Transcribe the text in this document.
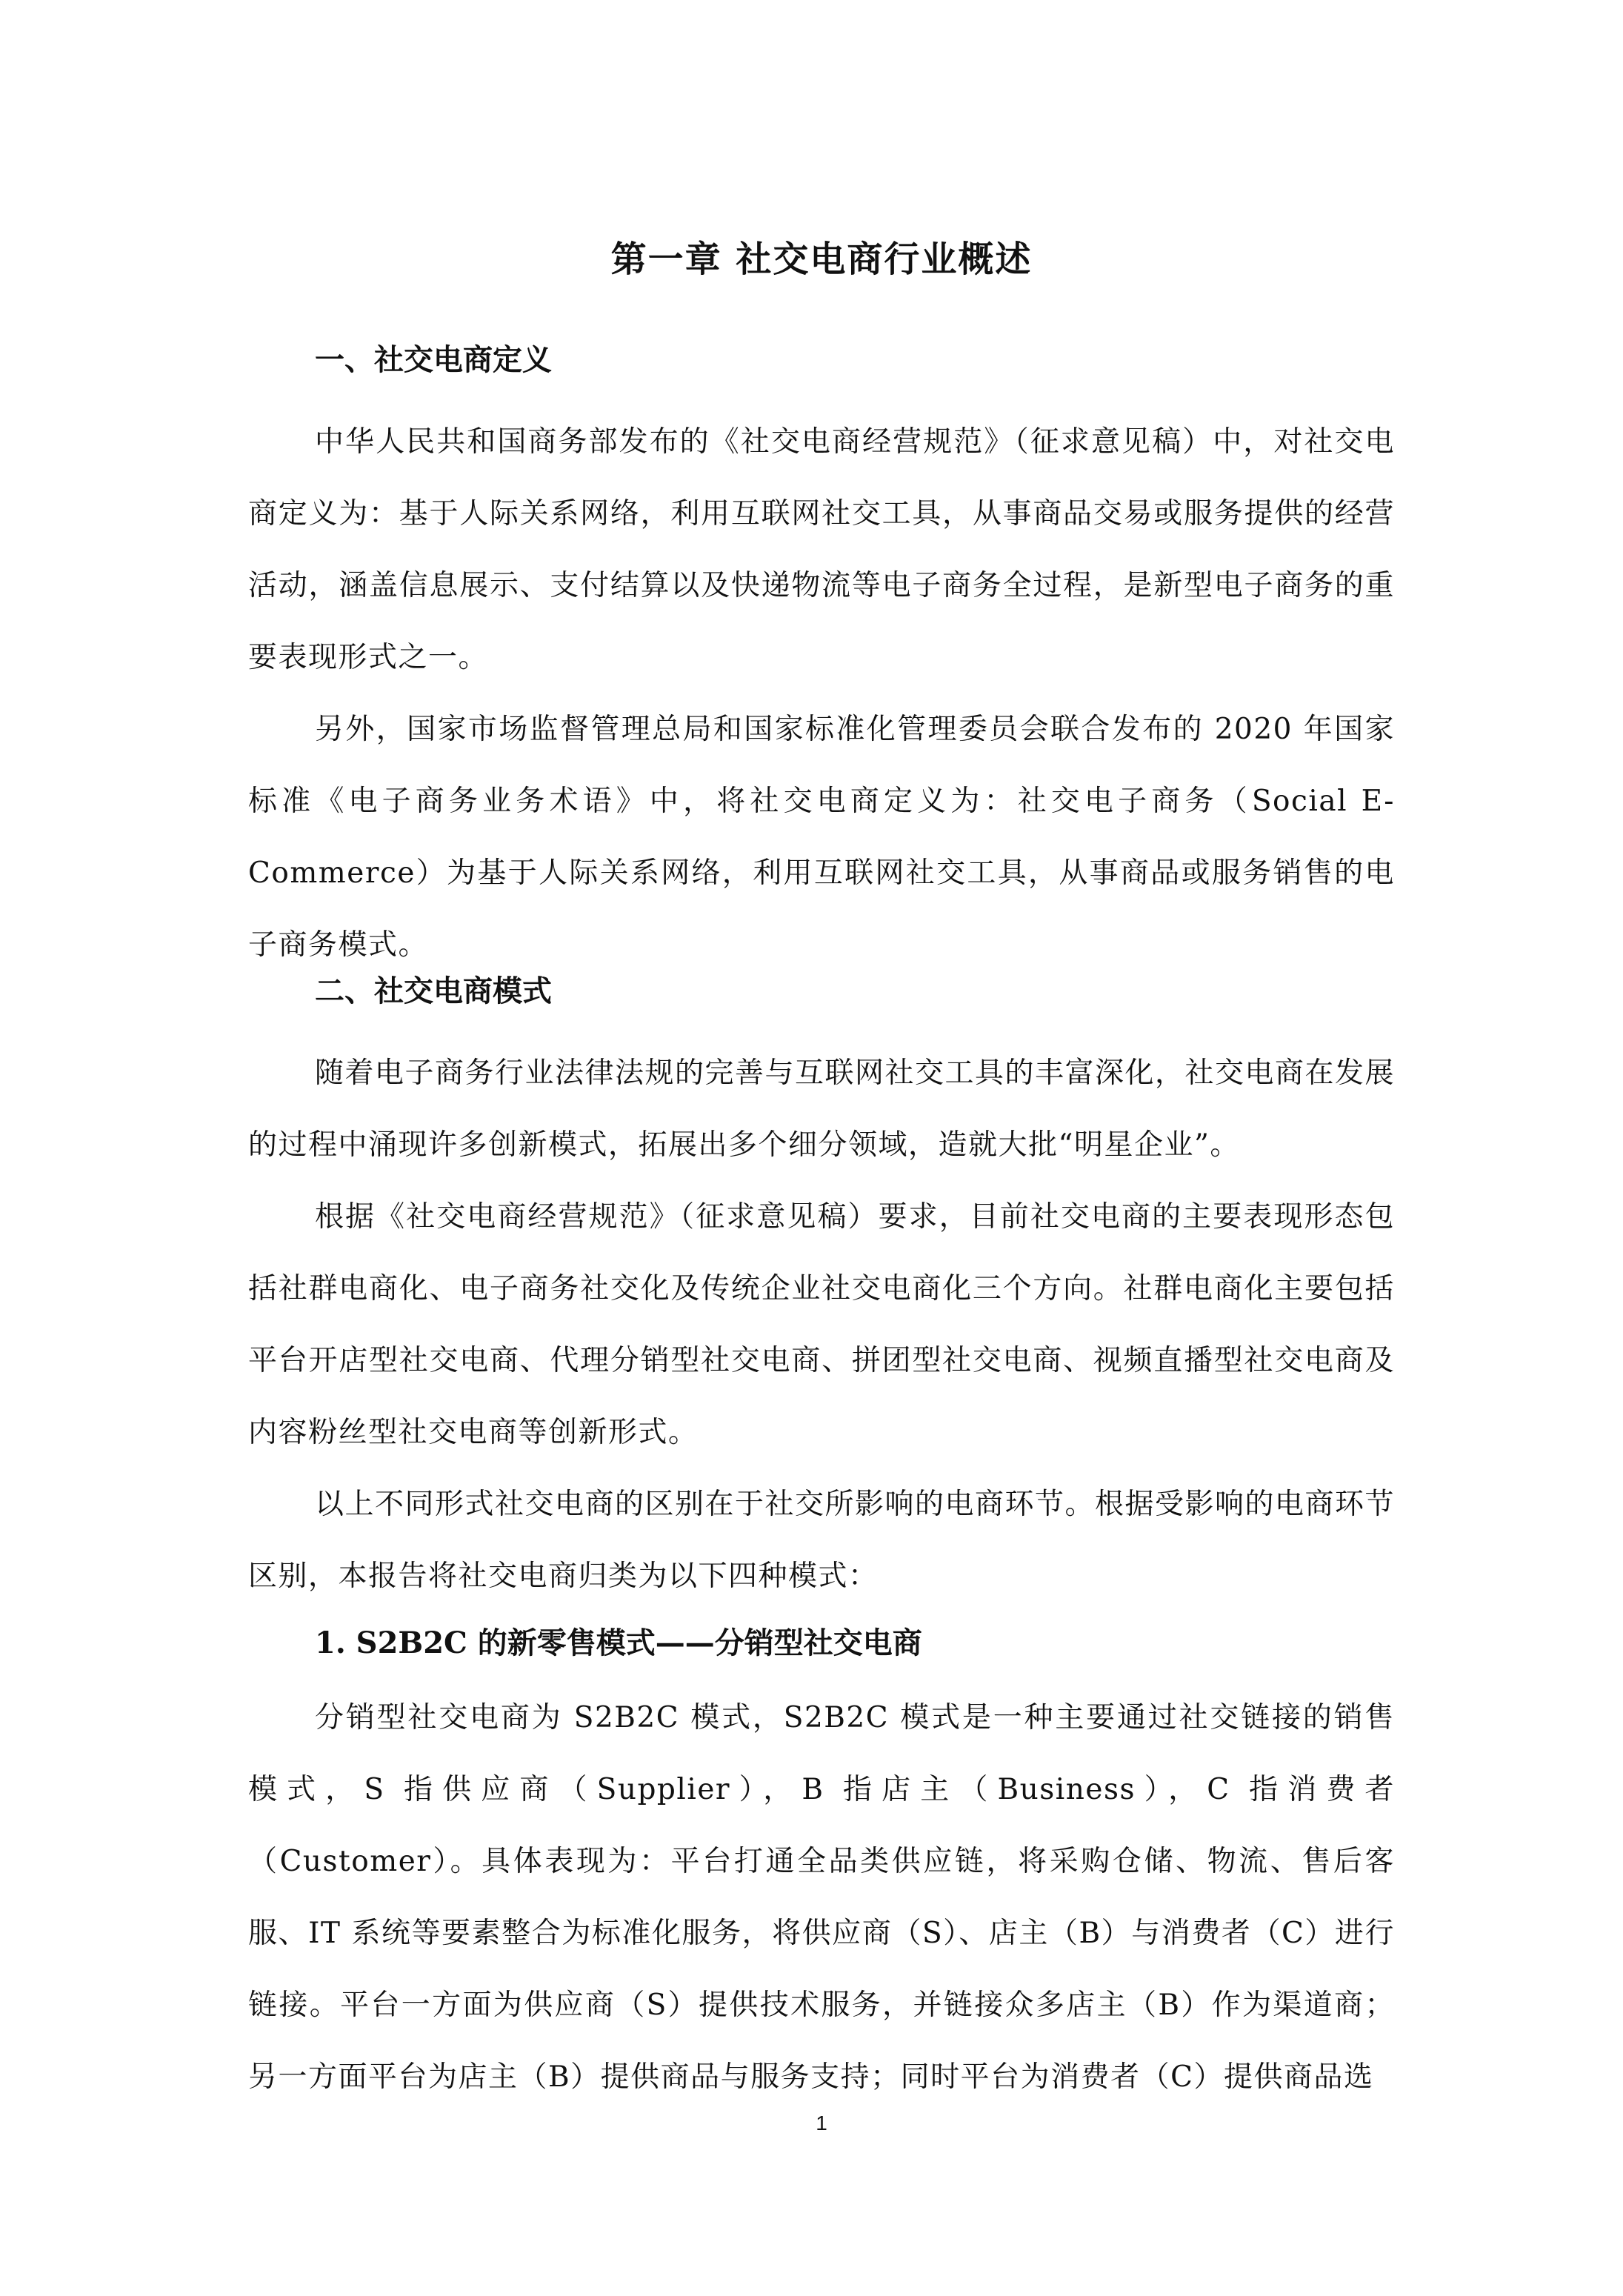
第一章 社交电商行业概述
一、社交电商定义

中华人民共和国商务部发布的《社交电商经营规范》（征求意见稿）中，对社交电商定义为：基于人际关系网络，利用互联网社交工具，从事商品交易或服务提供的经营活动，涵盖信息展示、支付结算以及快递物流等电子商务全过程，是新型电子商务的重要表现形式之一。

另外，国家市场监督管理总局和国家标准化管理委员会联合发布的 2020 年国家标准《电子商务业务术语》中，将社交电商定义为：社交电子商务（Social E-Commerce）为基于人际关系网络，利用互联网社交工具，从事商品或服务销售的电子商务模式。

二、社交电商模式

随着电子商务行业法律法规的完善与互联网社交工具的丰富深化，社交电商在发展的过程中涌现许多创新模式，拓展出多个细分领域，造就大批“明星企业”。

根据《社交电商经营规范》（征求意见稿）要求，目前社交电商的主要表现形态包括社群电商化、电子商务社交化及传统企业社交电商化三个方向。社群电商化主要包括平台开店型社交电商、代理分销型社交电商、拼团型社交电商、视频直播型社交电商及内容粉丝型社交电商等创新形式。

以上不同形式社交电商的区别在于社交所影响的电商环节。根据受影响的电商环节区别，本报告将社交电商归类为以下四种模式：

1. S2B2C 的新零售模式——分销型社交电商

分销型社交电商为 S2B2C 模式，S2B2C 模式是一种主要通过社交链接的销售模式，S 指供应商（Supplier），B 指店主（Business），C 指消费者（Customer）。具体表现为：平台打通全品类供应链，将采购仓储、物流、售后客服、IT 系统等要素整合为标准化服务，将供应商（S）、店主（B）与消费者（C）进行链接。平台一方面为供应商（S）提供技术服务，并链接众多店主（B）作为渠道商；另一方面平台为店主（B）提供商品与服务支持；同时平台为消费者（C）提供商品选

1
